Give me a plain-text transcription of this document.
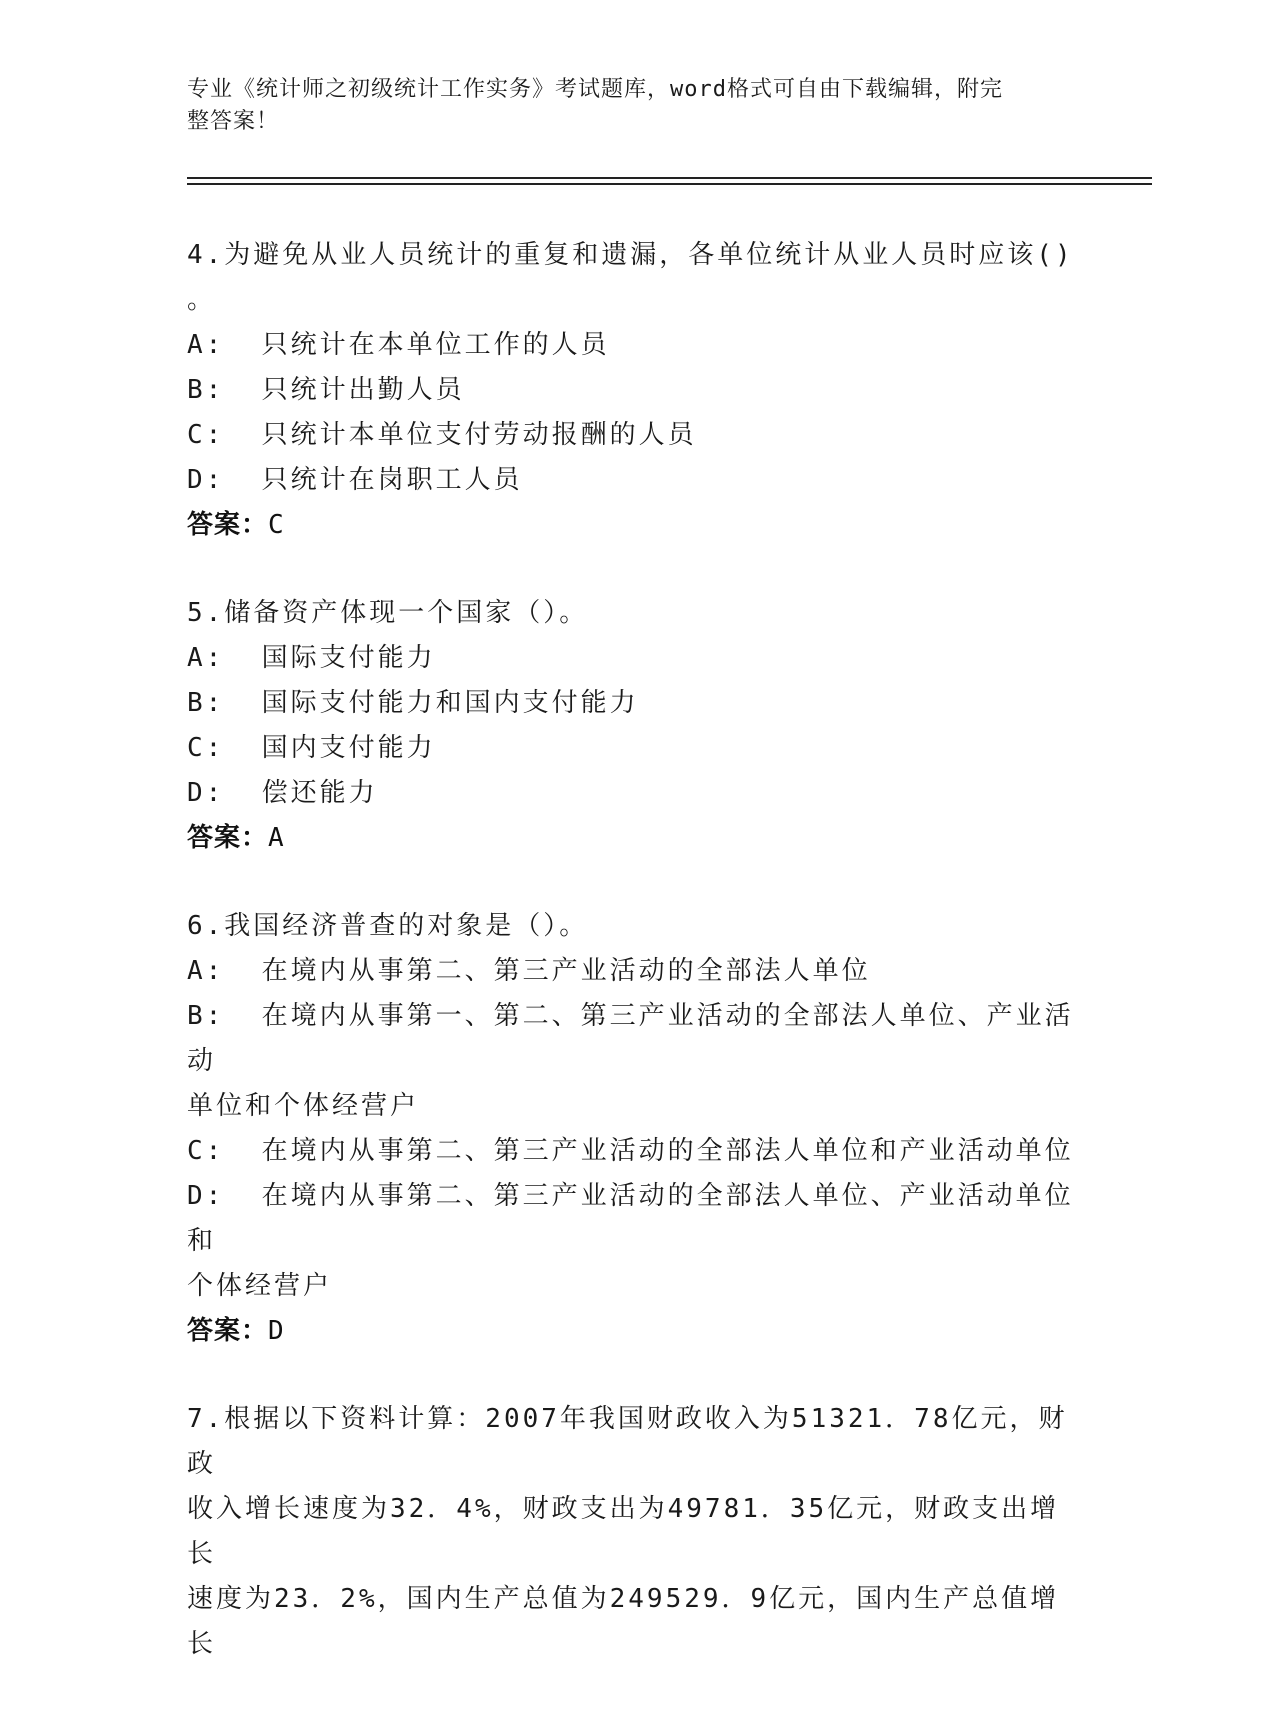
专业《统计师之初级统计工作实务》考试题库，word格式可自由下载编辑，附完
整答案！
4.为避免从业人员统计的重复和遗漏，各单位统计从业人员时应该()
。
A:  只统计在本单位工作的人员
B:  只统计出勤人员
C:  只统计本单位支付劳动报酬的人员
D:  只统计在岗职工人员
答案：C
5.储备资产体现一个国家（）。
A:  国际支付能力
B:  国际支付能力和国内支付能力
C:  国内支付能力
D:  偿还能力
答案：A
6.我国经济普查的对象是（）。
A:  在境内从事第二、第三产业活动的全部法人单位
B:  在境内从事第一、第二、第三产业活动的全部法人单位、产业活动
单位和个体经营户
C:  在境内从事第二、第三产业活动的全部法人单位和产业活动单位
D:  在境内从事第二、第三产业活动的全部法人单位、产业活动单位和
个体经营户
答案：D
7.根据以下资料计算：2007年我国财政收入为51321．78亿元，财政
收入增长速度为32．4%，财政支出为49781．35亿元，财政支出增长
速度为23．2%，国内生产总值为249529．9亿元，国内生产总值增长
